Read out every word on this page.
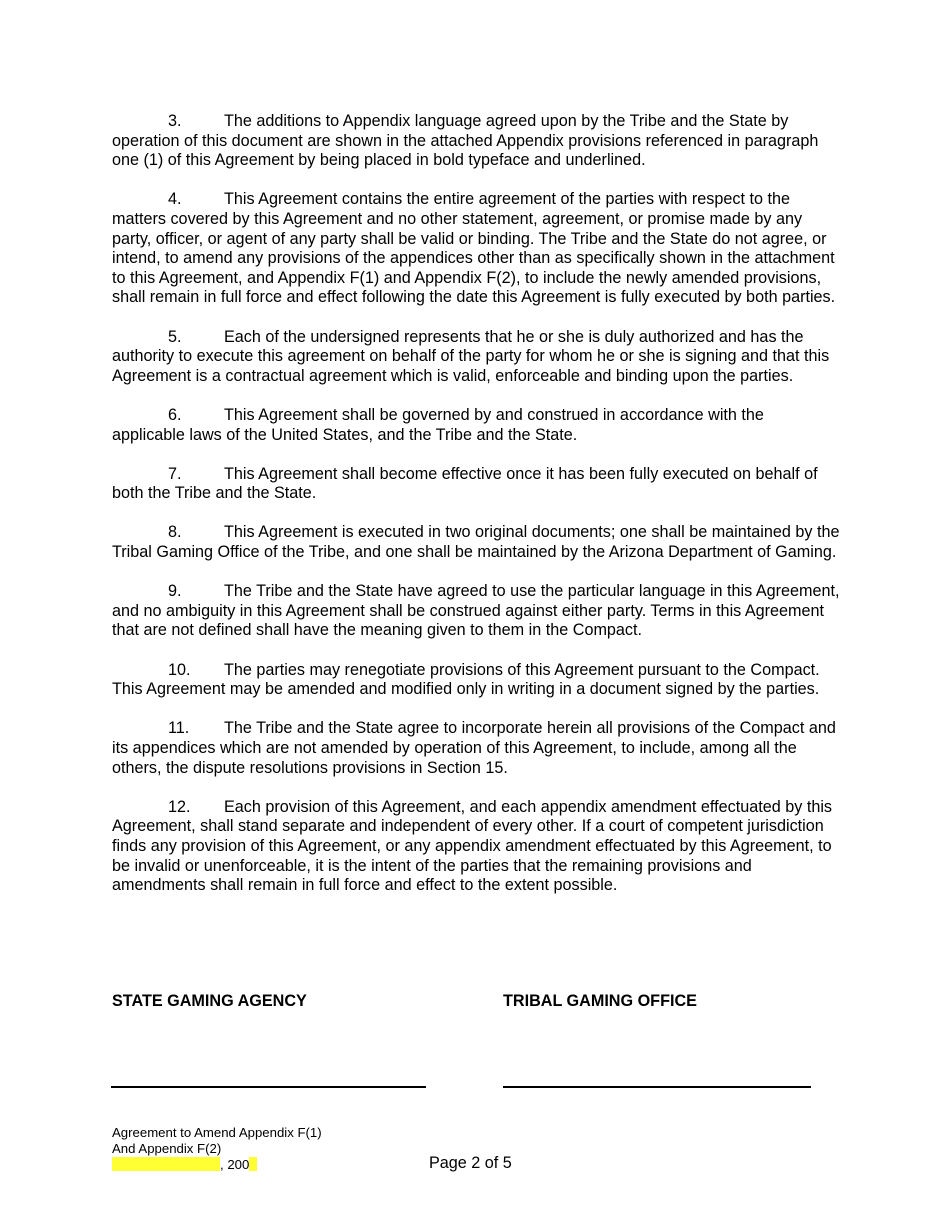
3.	The additions to Appendix language agreed upon by the Tribe and the State by operation of this document are shown in the attached Appendix provisions referenced in paragraph one (1) of this Agreement by being placed in bold typeface and underlined.

4.	This Agreement contains the entire agreement of the parties with respect to the matters covered by this Agreement and no other statement, agreement, or promise made by any party, officer, or agent of any party shall be valid or binding. The Tribe and the State do not agree, or intend, to amend any provisions of the appendices other than as specifically shown in the attachment to this Agreement, and Appendix F(1) and Appendix F(2), to include the newly amended provisions, shall remain in full force and effect following the date this Agreement is fully executed by both parties.

5.	Each of the undersigned represents that he or she is duly authorized and has the authority to execute this agreement on behalf of the party for whom he or she is signing and that this Agreement is a contractual agreement which is valid, enforceable and binding upon the parties.

6.	This Agreement shall be governed by and construed in accordance with the applicable laws of the United States, and the Tribe and the State.

7.	This Agreement shall become effective once it has been fully executed on behalf of both the Tribe and the State.

8.	This Agreement is executed in two original documents; one shall be maintained by the Tribal Gaming Office of the Tribe, and one shall be maintained by the Arizona Department of Gaming.

9.	The Tribe and the State have agreed to use the particular language in this Agreement, and no ambiguity in this Agreement shall be construed against either party. Terms in this Agreement that are not defined shall have the meaning given to them in the Compact.

10. The parties may renegotiate provisions of this Agreement pursuant to the Compact. This Agreement may be amended and modified only in writing in a document signed by the parties.

11. The Tribe and the State agree to incorporate herein all provisions of the Compact and its appendices which are not amended by operation of this Agreement, to include, among all the others, the dispute resolutions provisions in Section 15.

12. Each provision of this Agreement, and each appendix amendment effectuated by this Agreement, shall stand separate and independent of every other. If a court of competent jurisdiction finds any provision of this Agreement, or any appendix amendment effectuated by this Agreement, to be invalid or unenforceable, it is the intent of the parties that the remaining provisions and amendments shall remain in full force and effect to the extent possible.

STATE GAMING AGENCY	TRIBAL GAMING OFFICE
Agreement to Amend Appendix F(1)
And Appendix F(2)
, 200	Page 2 of 5
